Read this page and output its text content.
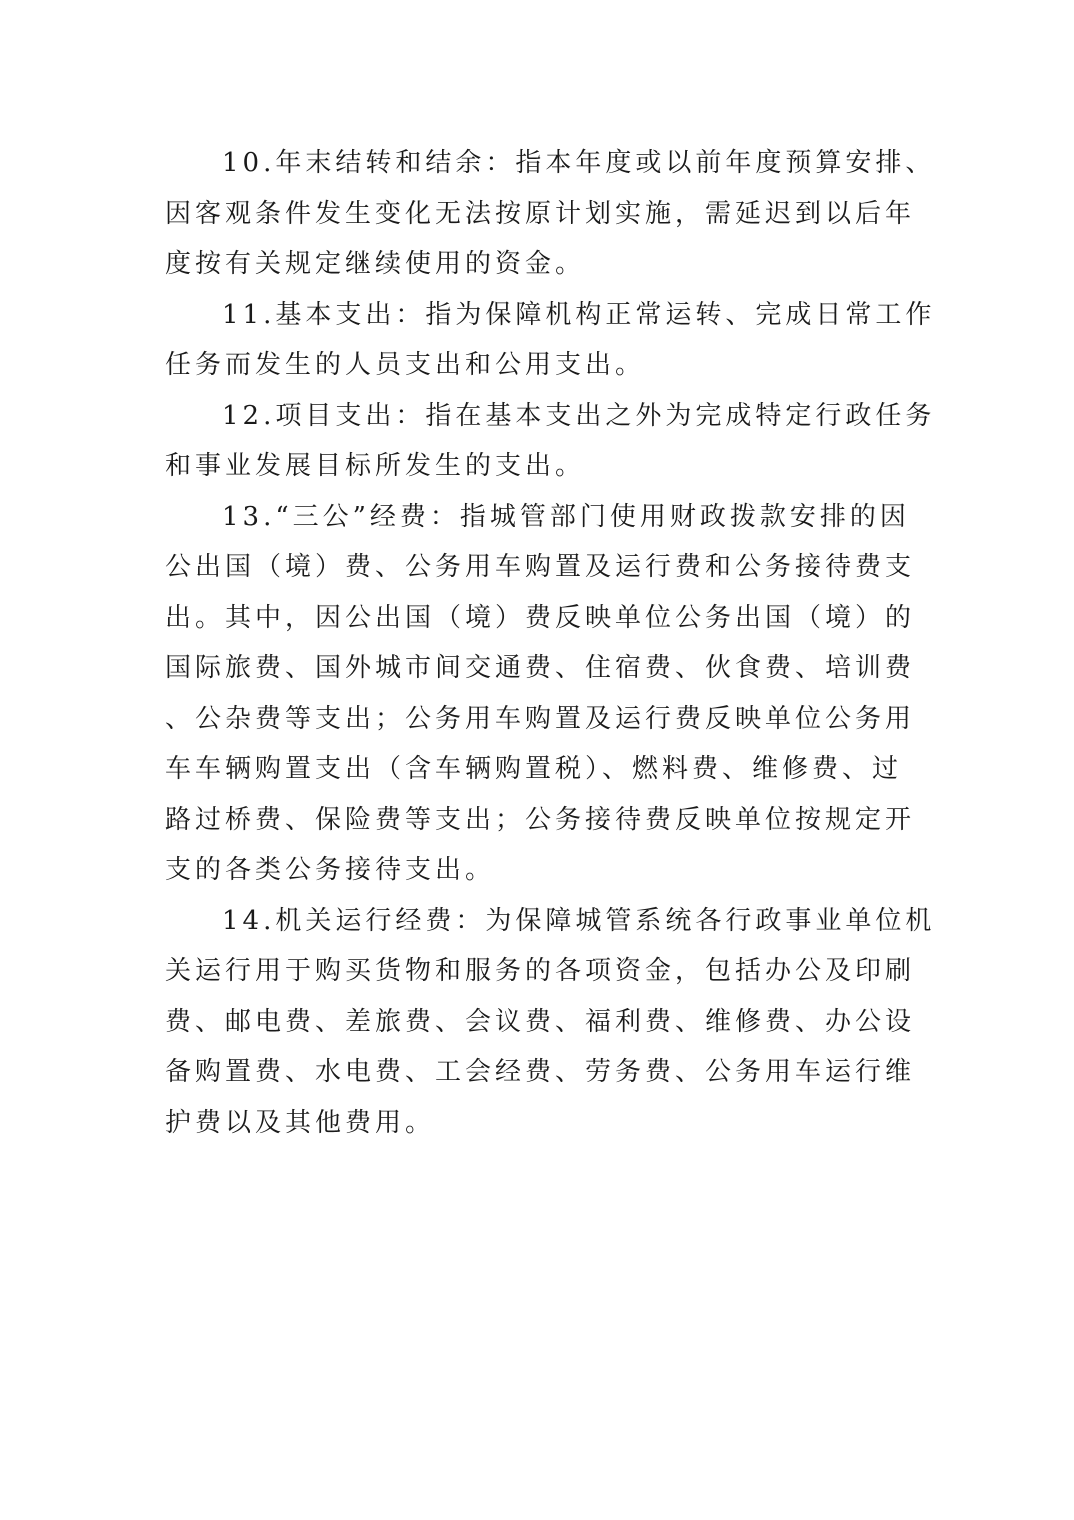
10.年末结转和结余：指本年度或以前年度预算安排、
因客观条件发生变化无法按原计划实施，需延迟到以后年
度按有关规定继续使用的资金。
11.基本支出：指为保障机构正常运转、完成日常工作
任务而发生的人员支出和公用支出。
12.项目支出：指在基本支出之外为完成特定行政任务
和事业发展目标所发生的支出。
13.“三公”经费：指城管部门使用财政拨款安排的因
公出国（境）费、公务用车购置及运行费和公务接待费支
出。其中，因公出国（境）费反映单位公务出国（境）的
国际旅费、国外城市间交通费、住宿费、伙食费、培训费
、公杂费等支出；公务用车购置及运行费反映单位公务用
车车辆购置支出（含车辆购置税）、燃料费、维修费、过
路过桥费、保险费等支出；公务接待费反映单位按规定开
支的各类公务接待支出。
14.机关运行经费：为保障城管系统各行政事业单位机
关运行用于购买货物和服务的各项资金，包括办公及印刷
费、邮电费、差旅费、会议费、福利费、维修费、办公设
备购置费、水电费、工会经费、劳务费、公务用车运行维
护费以及其他费用。
